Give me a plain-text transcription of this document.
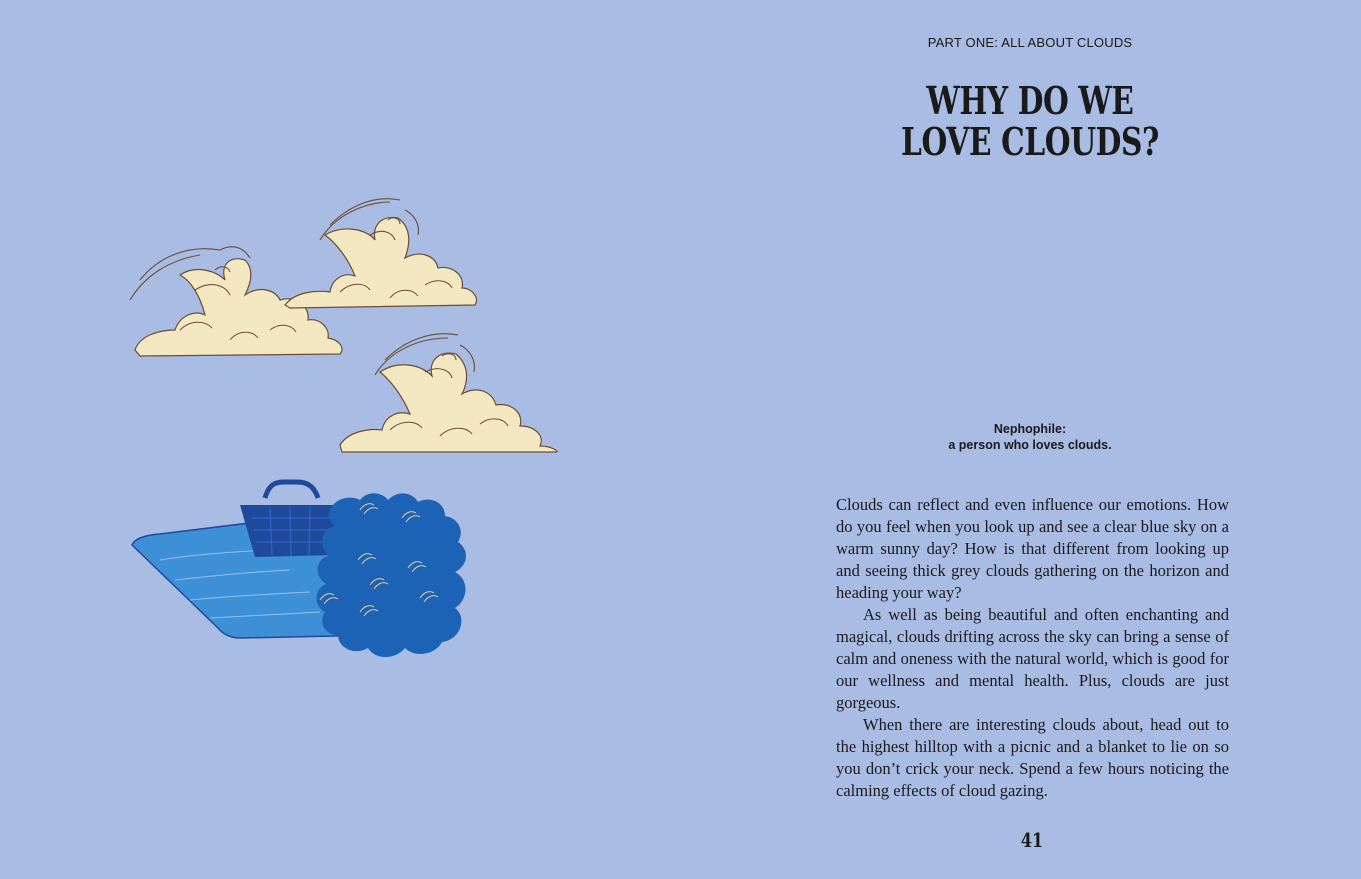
PART ONE: ALL ABOUT CLOUDS
WHY DO WE
LOVE CLOUDS?
Nephophile:
a person who loves clouds.

Clouds can reflect and even influence our emotions. How do you feel when you look up and see a clear blue sky on a warm sunny day? How is that different from looking up and seeing thick grey clouds gathering on the horizon and heading your way?

As well as being beautiful and often enchanting and magical, clouds drifting across the sky can bring a sense of calm and oneness with the natural world, which is good for our wellness and mental health. Plus, clouds are just gorgeous.

When there are interesting clouds about, head out to the highest hilltop with a picnic and a blanket to lie on so you don’t crick your neck. Spend a few hours noticing the calming effects of cloud gazing.

41
